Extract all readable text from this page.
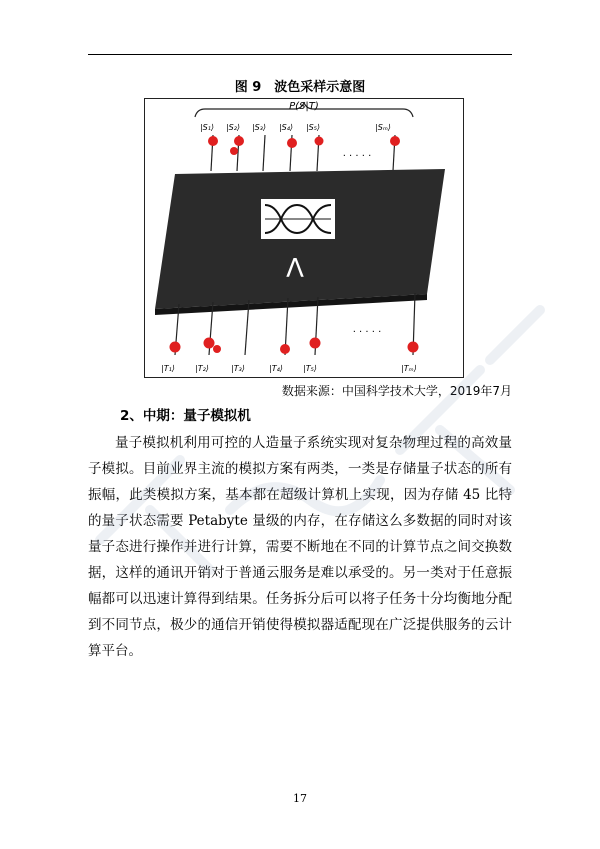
图 9　波色采样示意图
P(S|T)
|S₁⟩ |S₂⟩ |S₃⟩ |S₄⟩ |S₅⟩	|Sₘ⟩
· · · · ·
Λ
· · · · ·
|T₁⟩	|T₂⟩	|T₃⟩	|T₄⟩	|T₅⟩	|Tₘ⟩
数据来源：中国科学技术大学，2019年7月
2、中期：量子模拟机

量子模拟机利用可控的人造量子系统实现对复杂物理过程的高效量子模拟。目前业界主流的模拟方案有两类，一类是存储量子状态的所有振幅，此类模拟方案，基本都在超级计算机上实现，因为存储 45 比特的量子状态需要 Petabyte 量级的内存，在存储这么多数据的同时对该量子态进行操作并进行计算，需要不断地在不同的计算节点之间交换数据，这样的通讯开销对于普通云服务是难以承受的。另一类对于任意振幅都可以迅速计算得到结果。任务拆分后可以将子任务十分均衡地分配到不同节点，极少的通信开销使得模拟器适配现在广泛提供服务的云计算平台。

17
